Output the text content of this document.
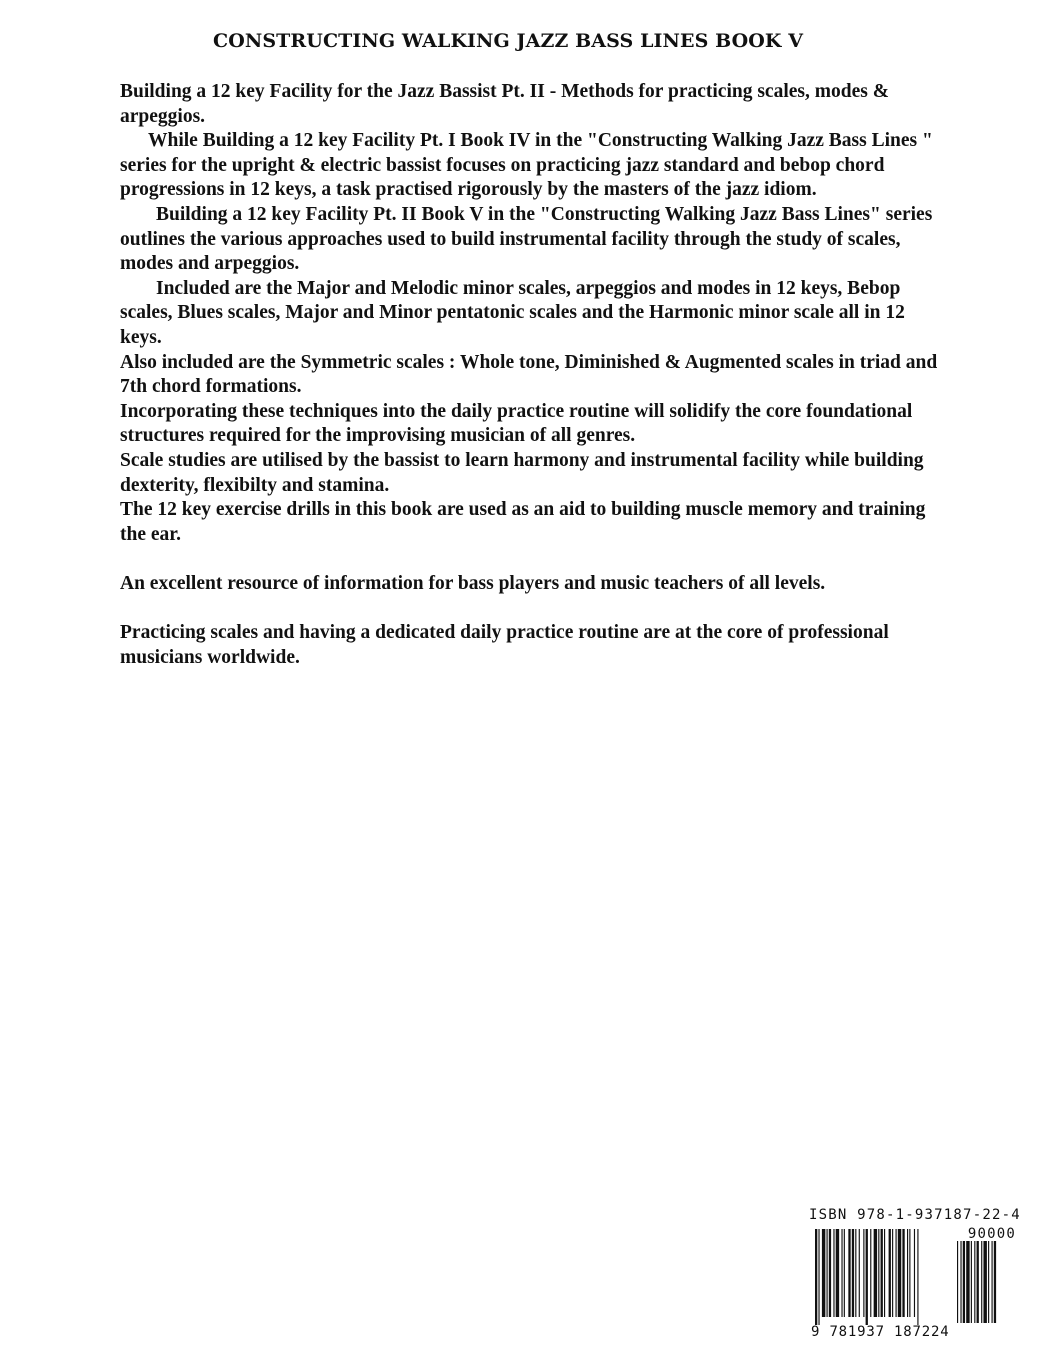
CONSTRUCTING WALKING JAZZ BASS LINES BOOK V

Building a 12 key Facility for the Jazz Bassist Pt. II - Methods for practicing scales, modes & arpeggios.

While Building a 12 key Facility Pt. I Book IV in the "Constructing Walking Jazz Bass Lines " series for the upright & electric bassist focuses on practicing jazz standard and bebop chord progressions in 12 keys, a task practised rigorously by the masters of the jazz idiom.

Building a 12 key Facility Pt. II Book V in the "Constructing Walking Jazz Bass Lines" series outlines the various approaches used to build instrumental facility through the study of scales, modes and arpeggios.

Included are the Major and Melodic minor scales, arpeggios and modes in 12 keys, Bebop scales, Blues scales, Major and Minor pentatonic scales and the Harmonic minor scale all in 12 keys.

Also included are the Symmetric scales : Whole tone, Diminished & Augmented scales in triad and 7th chord formations.

Incorporating these techniques into the daily practice routine will solidify the core foundational structures required for the improvising musician of all genres.

Scale studies are utilised by the bassist to learn harmony and instrumental facility while building dexterity, flexibilty and stamina.

The 12 key exercise drills in this book are used as an aid to building muscle memory and training the ear.

An excellent resource of information for bass players and music teachers of all levels.

Practicing scales and having a dedicated daily practice routine are at the core of professional musicians worldwide.

ISBN 978-1-937187-22-4
90000
9 781937 187224
